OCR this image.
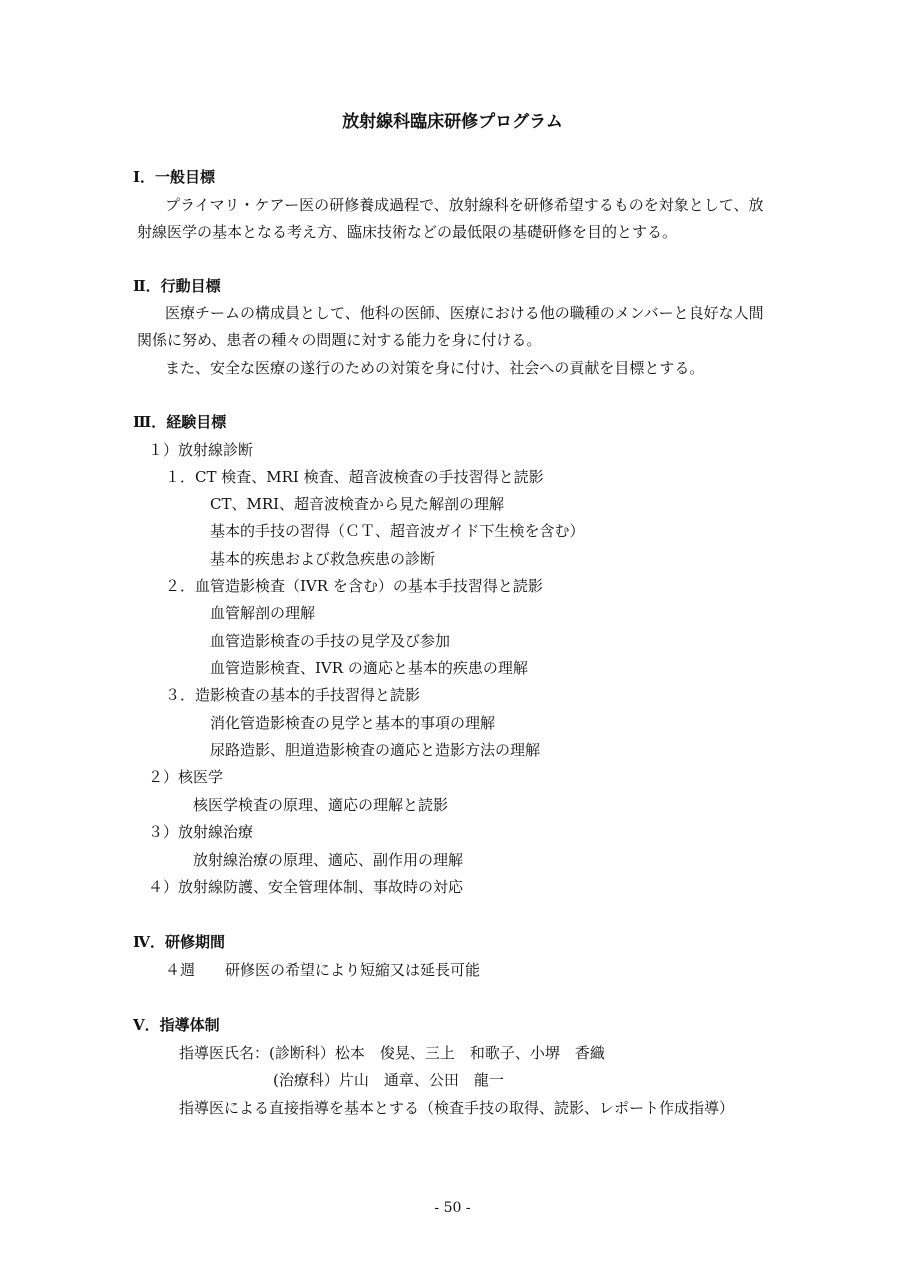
放射線科臨床研修プログラム
Ⅰ．一般目標
プライマリ・ケアー医の研修養成過程で、放射線科を研修希望するものを対象として、放
射線医学の基本となる考え方、臨床技術などの最低限の基礎研修を目的とする。
Ⅱ．行動目標
医療チームの構成員として、他科の医師、医療における他の職種のメンバーと良好な人間
関係に努め、患者の種々の問題に対する能力を身に付ける。
また、安全な医療の遂行のための対策を身に付け、社会への貢献を目標とする。
Ⅲ．経験目標
１）放射線診断
１．CT 検査、MRI 検査、超音波検査の手技習得と読影
CT、MRI、超音波検査から見た解剖の理解
基本的手技の習得（ＣＴ、超音波ガイド下生検を含む）
基本的疾患および救急疾患の診断
２．血管造影検査（IVR を含む）の基本手技習得と読影
血管解剖の理解
血管造影検査の手技の見学及び参加
血管造影検査、IVR の適応と基本的疾患の理解
３．造影検査の基本的手技習得と読影
消化管造影検査の見学と基本的事項の理解
尿路造影、胆道造影検査の適応と造影方法の理解
２）核医学
核医学検査の原理、適応の理解と読影
３）放射線治療
放射線治療の原理、適応、副作用の理解
４）放射線防護、安全管理体制、事故時の対応
Ⅳ．研修期間
４週　　研修医の希望により短縮又は延長可能
Ⅴ．指導体制
指導医氏名：(診断科）松本　俊晃、三上　和歌子、小堺　香織
(治療科）片山　通章、公田　龍一
指導医による直接指導を基本とする（検査手技の取得、読影、レポート作成指導）
- 50 -
